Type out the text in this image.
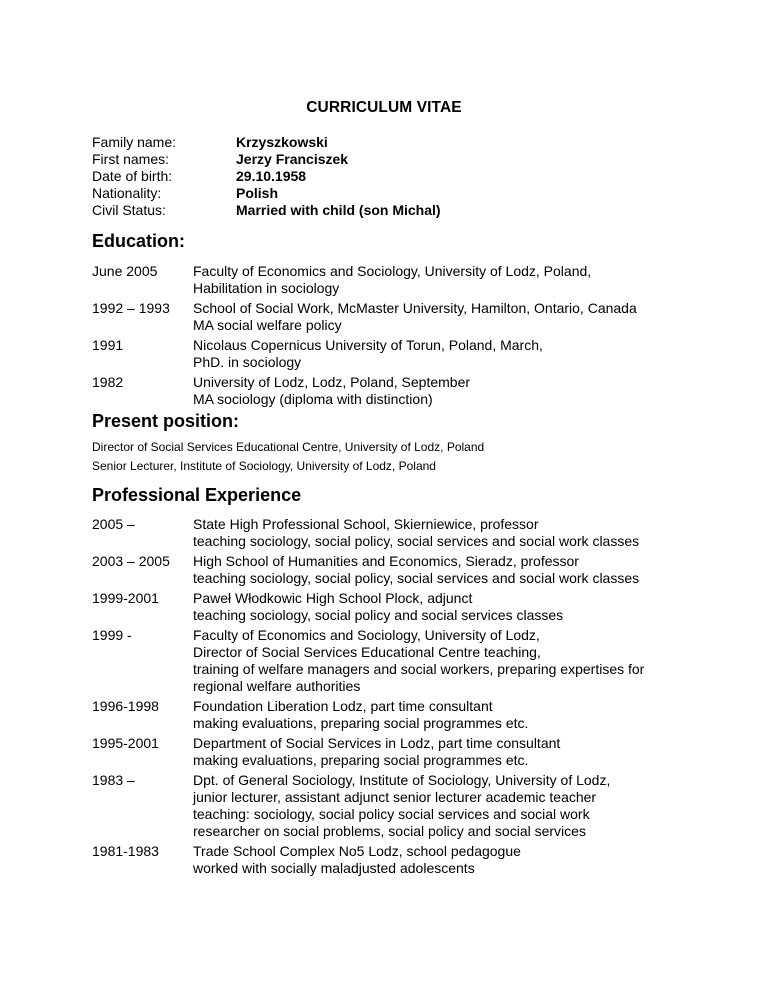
CURRICULUM VITAE
Family name:	Krzyszkowski
First names:	Jerzy Franciszek
Date of birth:	29.10.1958
Nationality:	Polish
Civil Status:	Married with child (son Michal)
Education:
June 2005	Faculty of Economics and Sociology, University of Lodz, Poland,
Habilitation in sociology
1992 – 1993	School of Social Work, McMaster University, Hamilton, Ontario, Canada
MA social welfare policy
1991	Nicolaus Copernicus University of Torun, Poland, March,
PhD. in sociology
1982	University of Lodz, Lodz, Poland, September
MA sociology (diploma with distinction)
Present position:
Director of Social Services Educational Centre, University of Lodz, Poland
Senior Lecturer, Institute of Sociology, University of Lodz, Poland
Professional Experience
2005 –	State High Professional School, Skierniewice, professor
teaching sociology, social policy, social services and social work classes
2003 – 2005	High School of Humanities and Economics, Sieradz, professor
teaching sociology, social policy, social services and social work classes
1999-2001	Paweł Włodkowic High School Plock, adjunct
teaching sociology, social policy and social services classes
1999 -	Faculty of Economics and Sociology, University of Lodz,
Director of Social Services Educational Centre teaching,
training of welfare managers and social workers, preparing expertises for
regional welfare authorities
1996-1998	Foundation Liberation Lodz, part time consultant
making evaluations, preparing social programmes etc.
1995-2001	Department of Social Services in Lodz, part time consultant
making evaluations, preparing social programmes etc.
1983 –	Dpt. of General Sociology, Institute of Sociology, University of Lodz,
junior lecturer, assistant adjunct senior lecturer academic teacher
teaching: sociology, social policy social services and social work
researcher on social problems, social policy and social services
1981-1983	Trade School Complex No5 Lodz, school pedagogue
worked with socially maladjusted adolescents
